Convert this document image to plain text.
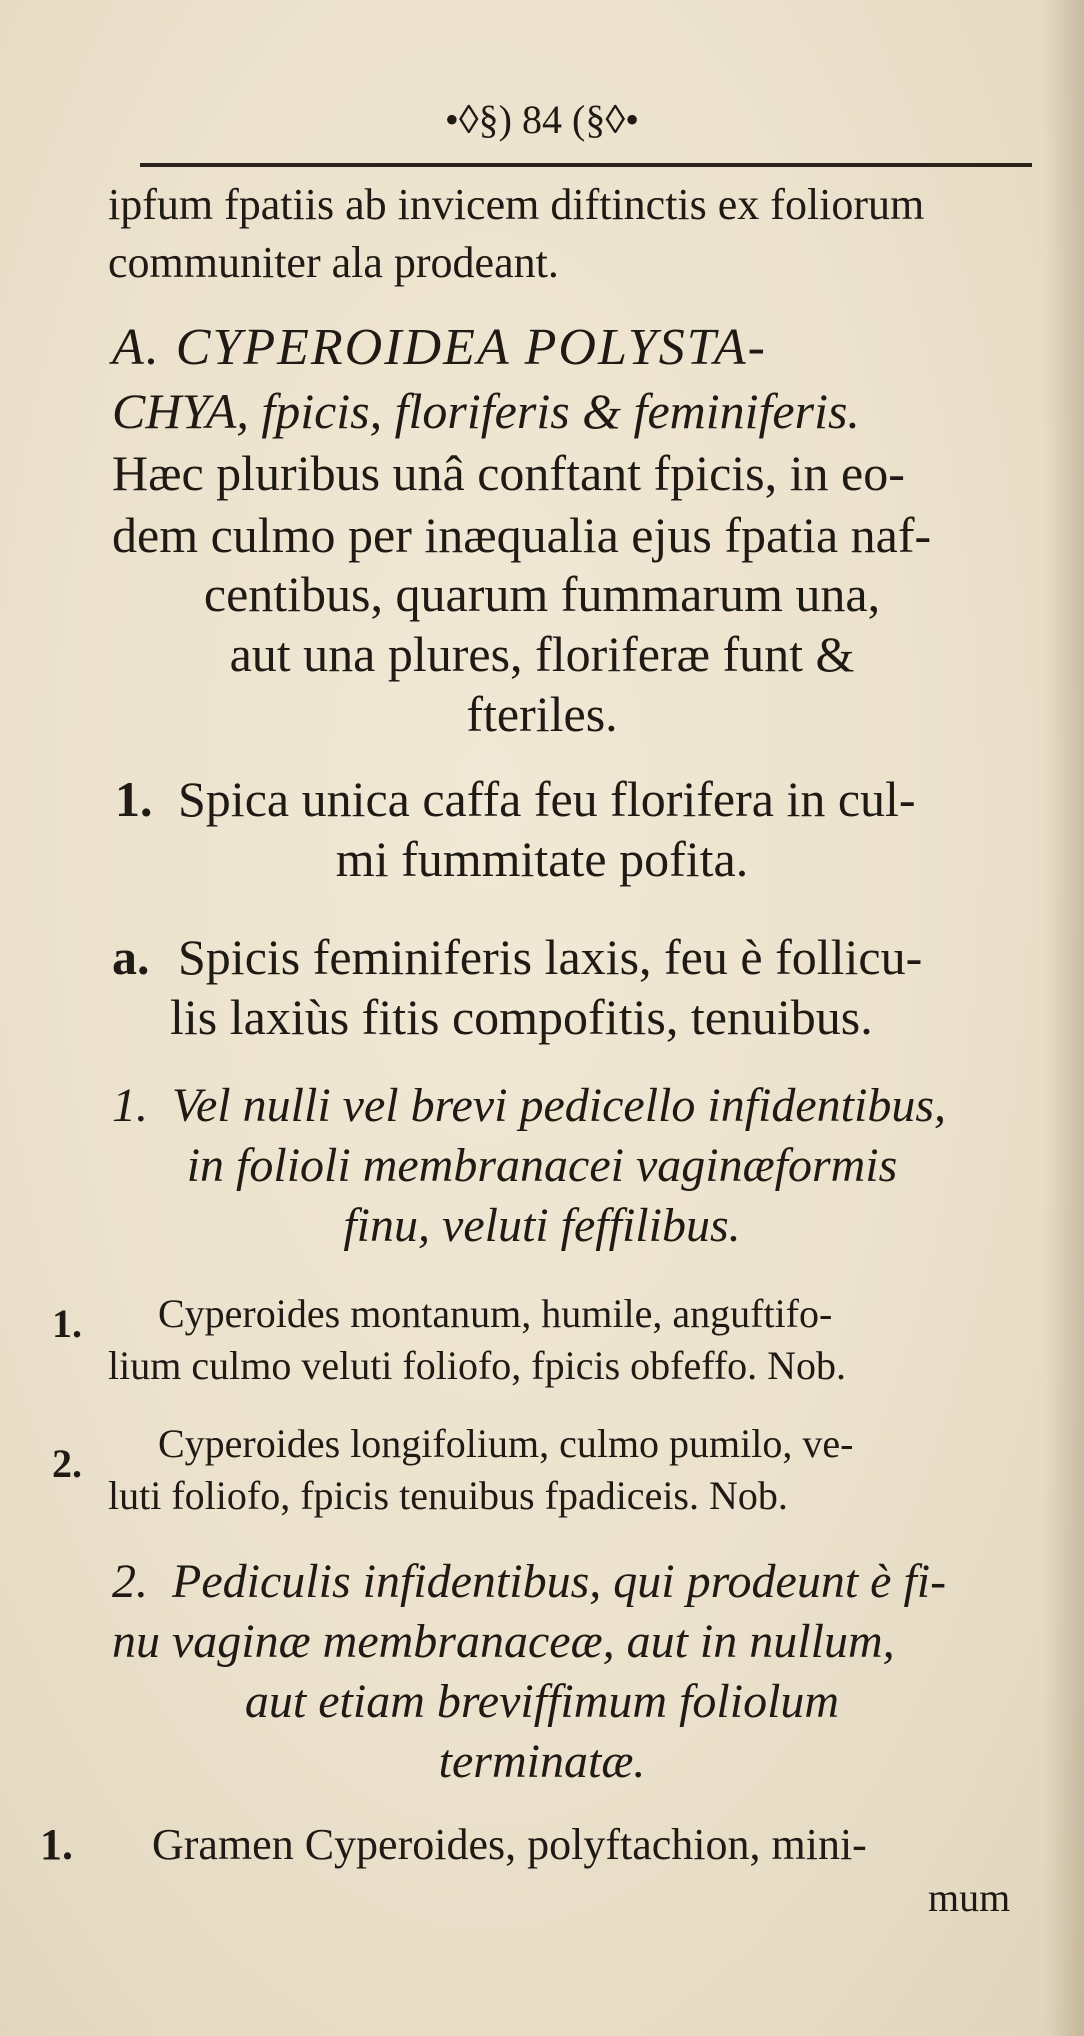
•◊§) 84 (§◊•
ipfum fpatiis ab invicem diftinctis ex foliorum
communiter ala prodeant.
A. CYPEROIDEA POLYSTA-
CHYA, fpicis, floriferis & feminiferis.
Hæc pluribus unâ conftant fpicis, in eo-
dem culmo per inæqualia ejus fpatia naf-
centibus, quarum fummarum una,
aut una plures, floriferæ funt &
fteriles.
1. Spica unica caffa feu florifera in cul-
mi fummitate pofita.
a. Spicis feminiferis laxis, feu è follicu-
lis laxiùs fitis compofitis, tenuibus.
1. Vel nulli vel brevi pedicello infidentibus,
in folioli membranacei vaginæformis
finu, veluti feffilibus.
1. Cyperoides montanum, humile, anguftifo-
lium culmo veluti foliofo, fpicis obfeffo. Nob.
2. Cyperoides longifolium, culmo pumilo, ve-
luti foliofo, fpicis tenuibus fpadiceis. Nob.
2. Pediculis infidentibus, qui prodeunt è fi-
nu vaginæ membranaceæ, aut in nullum,
aut etiam breviffimum foliolum
terminatæ.
1. Gramen Cyperoides, polyftachion, mini-
mum
